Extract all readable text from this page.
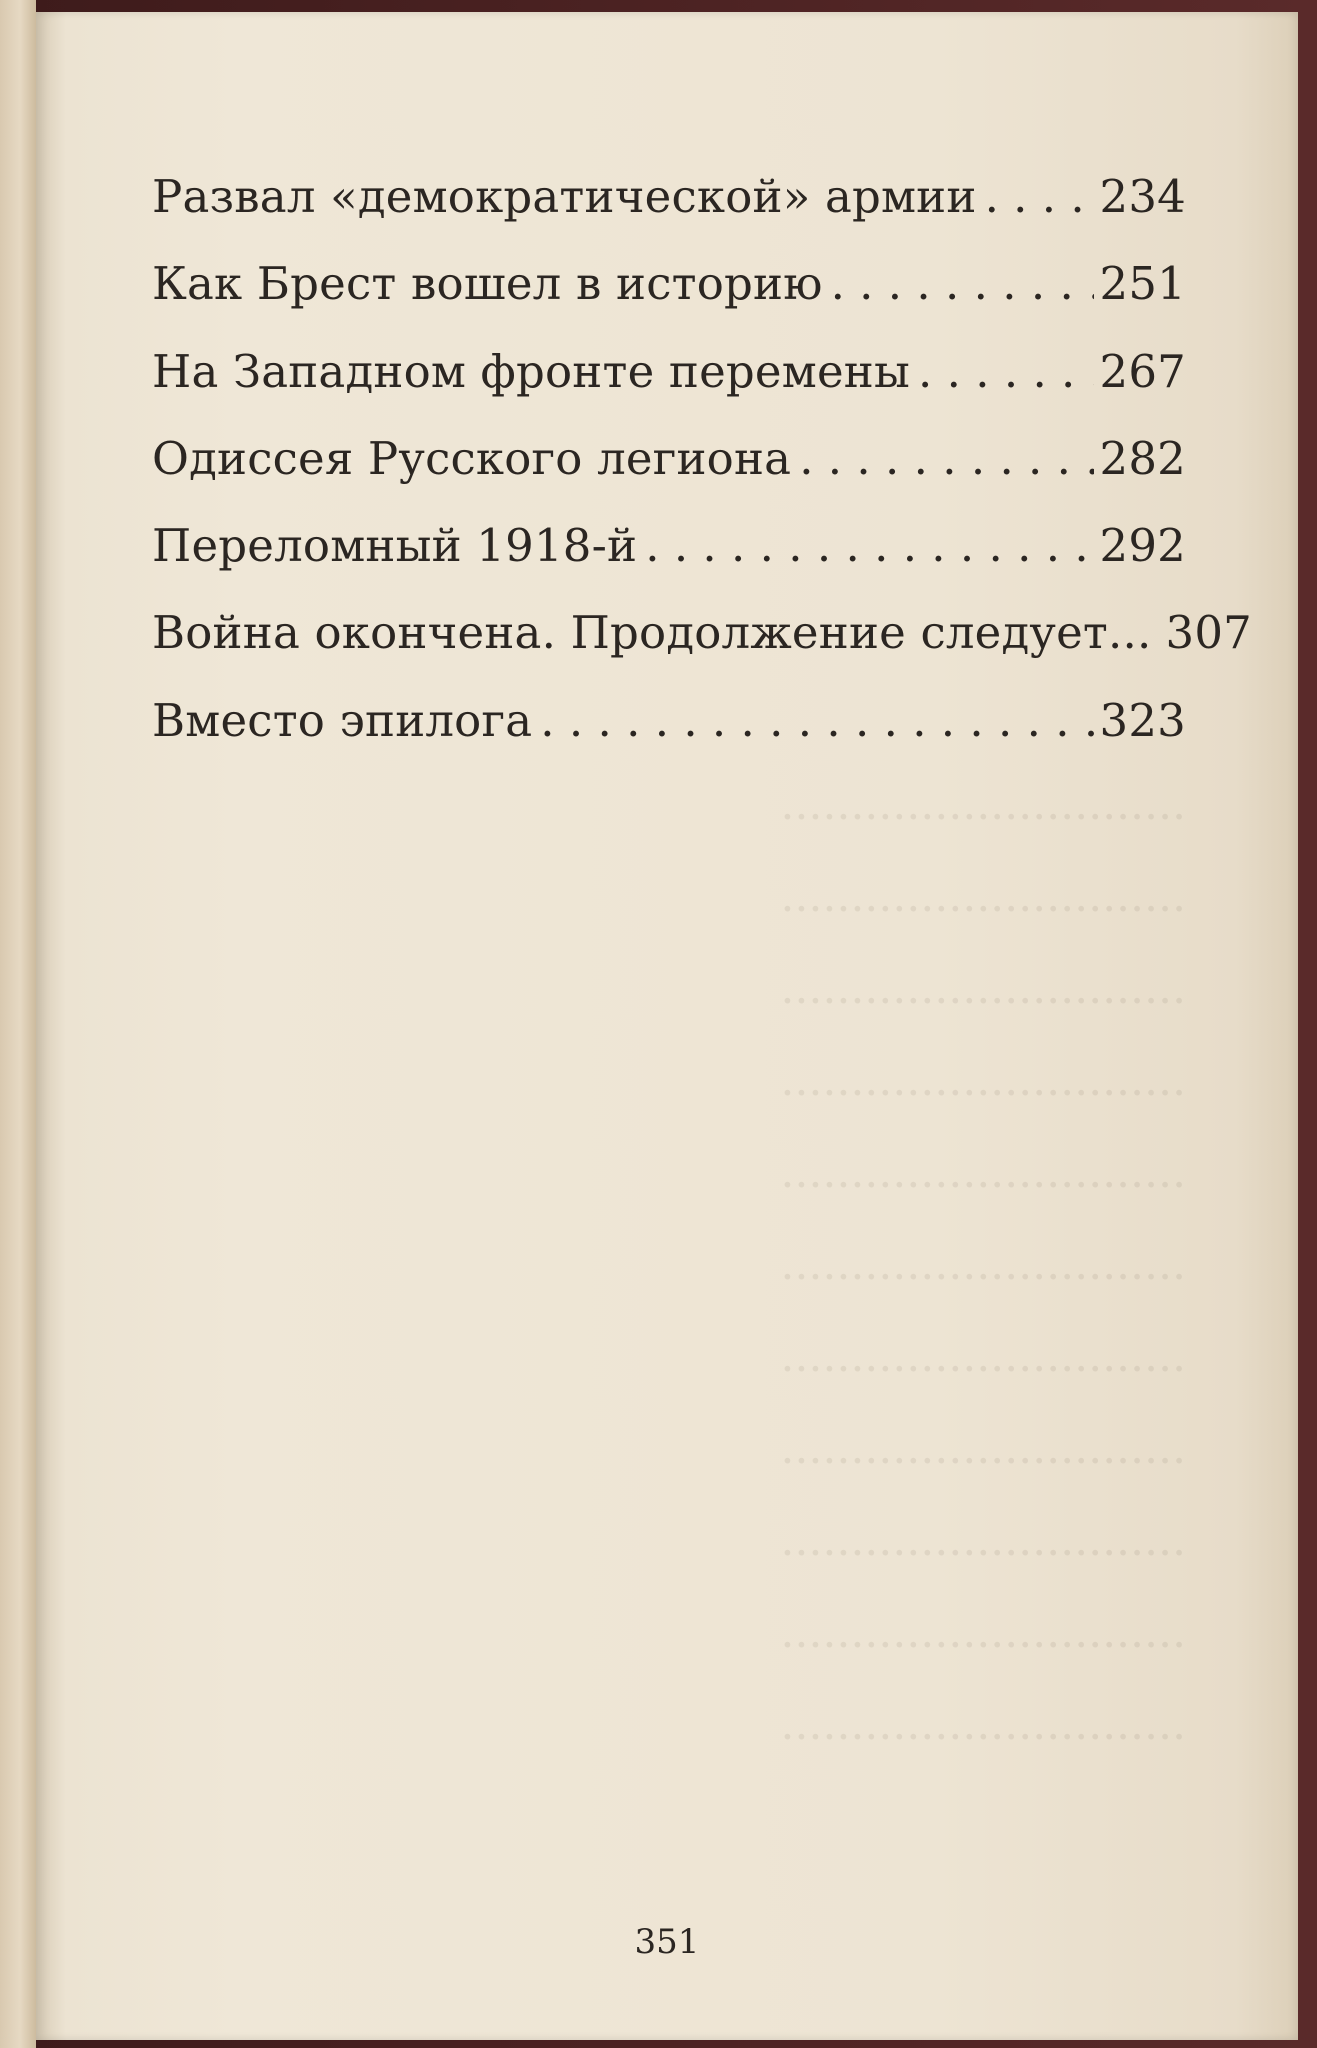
·····························
·····························
·····························
·····························
·····························
·····························
·····························
·····························
·····························
·····························
·····························
Развал «демократической» армии . . .	234
Как Брест вошел в историю . . .	251
На Западном фронте перемены . . .	267
Одиссея Русского легиона . . .	282
Переломный 1918-й . . .	292
Война окончена. Продолжение следует... 307
Вместо эпилога . . .	323
351
